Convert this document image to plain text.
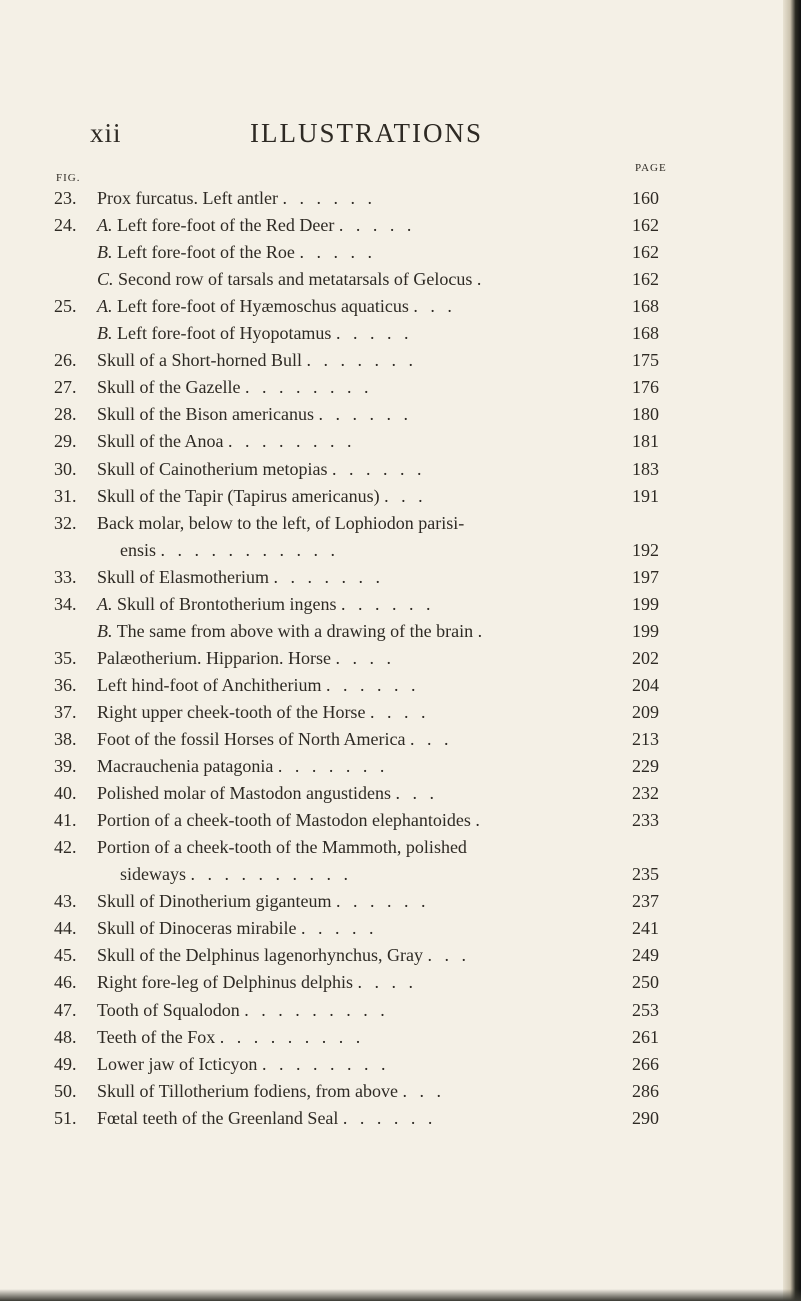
xii	ILLUSTRATIONS
FIG.
PAGE
23. Prox furcatus. Left antler . . . . . .	160
24. A. Left fore-foot of the Red Deer . . . . .	162
B. Left fore-foot of the Roe . . . . .	162
C. Second row of tarsals and metatarsals of Gelocus .	162
25. A. Left fore-foot of Hyæmoschus aquaticus . . .	168
B. Left fore-foot of Hyopotamus . . . . .	168
26. Skull of a Short-horned Bull . . . . . . .	175
27. Skull of the Gazelle . . . . . . . .	176
28. Skull of the Bison americanus . . . . . .	180
29. Skull of the Anoa . . . . . . . .	181
30. Skull of Cainotherium metopias . . . . . .	183
31. Skull of the Tapir (Tapirus americanus) . . .	191
32. Back molar, below to the left, of Lophiodon parisi-
ensis . . . . . . . . . . .	192
33. Skull of Elasmotherium . . . . . . .	197
34. A. Skull of Brontotherium ingens . . . . . .	199
B. The same from above with a drawing of the brain .	199
35. Palæotherium. Hipparion. Horse . . . .	202
36. Left hind-foot of Anchitherium . . . . . .	204
37. Right upper cheek-tooth of the Horse . . . .	209
38. Foot of the fossil Horses of North America . . .	213
39. Macrauchenia patagonia . . . . . . .	229
40. Polished molar of Mastodon angustidens . . .	232
41. Portion of a cheek-tooth of Mastodon elephantoides .	233
42. Portion of a cheek-tooth of the Mammoth, polished
sideways . . . . . . . . . .	235
43. Skull of Dinotherium giganteum . . . . . .	237
44. Skull of Dinoceras mirabile . . . . .	241
45. Skull of the Delphinus lagenorhynchus, Gray . . .	249
46. Right fore-leg of Delphinus delphis . . . .	250
47. Tooth of Squalodon . . . . . . . . .	253
48. Teeth of the Fox . . . . . . . . .	261
49. Lower jaw of Icticyon . . . . . . . .	266
50. Skull of Tillotherium fodiens, from above . . .	286
51. Fœtal teeth of the Greenland Seal . . . . . .	290
